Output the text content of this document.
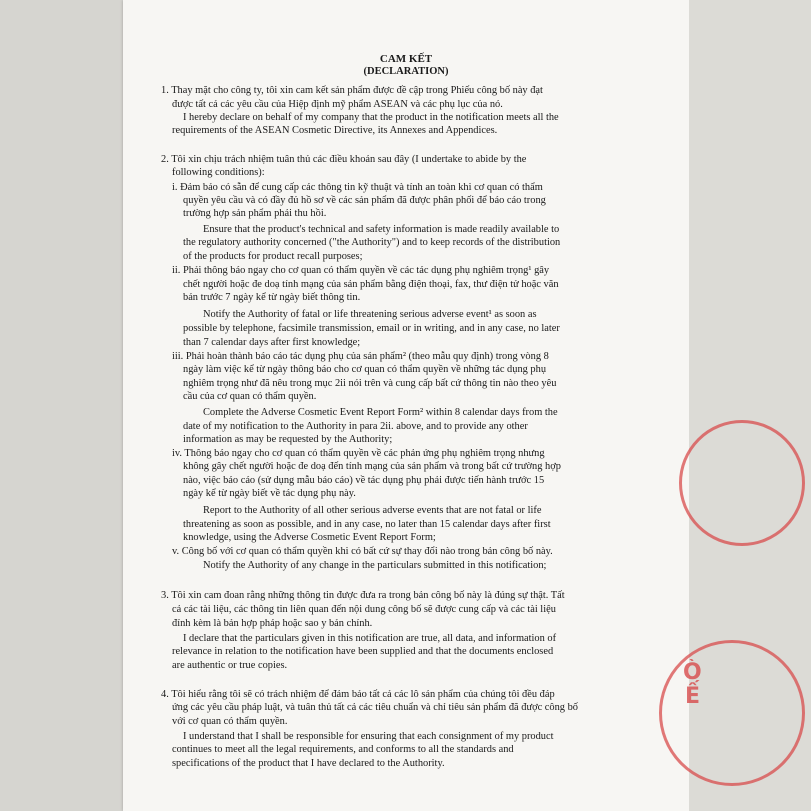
CAM KẾT
(DECLARATION)
1. Thay mặt cho công ty, tôi xin cam kết sản phẩm được đề cập trong Phiếu công bố này đạt
được tất cả các yêu cầu của Hiệp định mỹ phẩm ASEAN và các phụ lục của nó.
I hereby declare on behalf of my company that the product in the notification meets all the
requirements of the ASEAN Cosmetic Directive, its Annexes and Appendices.
2. Tôi xin chịu trách nhiệm tuân thủ các điều khoản sau đây (I undertake to abide by the
following conditions):
i. Đảm bảo có sẵn để cung cấp các thông tin kỹ thuật và tính an toàn khi cơ quan có thẩm
quyền yêu cầu và có đầy đủ hồ sơ về các sản phẩm đã được phân phối để báo cáo trong
trường hợp sản phẩm phải thu hồi.
Ensure that the product's technical and safety information is made readily available to
the regulatory authority concerned ("the Authority") and to keep records of the distribution
of the products for product recall purposes;
ii. Phải thông báo ngay cho cơ quan có thẩm quyền về các tác dụng phụ nghiêm trọng¹ gây
chết người hoặc đe doạ tính mạng của sản phẩm bằng điện thoại, fax, thư điện tử hoặc văn
bản trước 7 ngày kể từ ngày biết thông tin.
Notify the Authority of fatal or life threatening serious adverse event¹ as soon as
possible by telephone, facsimile transmission, email or in writing, and in any case, no later
than 7 calendar days after first knowledge;
iii. Phải hoàn thành báo cáo tác dụng phụ của sản phẩm² (theo mẫu quy định) trong vòng 8
ngày làm việc kể từ ngày thông báo cho cơ quan có thẩm quyền về những tác dụng phụ
nghiêm trọng như đã nêu trong mục 2ii nói trên và cung cấp bất cứ thông tin nào theo yêu
cầu của cơ quan có thẩm quyền.
Complete the Adverse Cosmetic Event Report Form² within 8 calendar days from the
date of my notification to the Authority in para 2ii. above, and to provide any other
information as may be requested by the Authority;
iv. Thông báo ngay cho cơ quan có thẩm quyền về các phản ứng phụ nghiêm trọng nhưng
không gây chết người hoặc đe doạ đến tính mạng của sản phẩm và trong bất cứ trường hợp
nào, việc báo cáo (sử dụng mẫu báo cáo) về tác dụng phụ phải được tiến hành trước 15
ngày kể từ ngày biết về tác dụng phụ này.
Report to the Authority of all other serious adverse events that are not fatal or life
threatening as soon as possible, and in any case, no later than 15 calendar days after first
knowledge, using the Adverse Cosmetic Event Report Form;
v. Công bố với cơ quan có thẩm quyền khi có bất cứ sự thay đổi nào trong bản công bố này.
Notify the Authority of any change in the particulars submitted in this notification;
3. Tôi xin cam đoan rằng những thông tin được đưa ra trong bản công bố này là đúng sự thật. Tất
cả các tài liệu, các thông tin liên quan đến nội dung công bố sẽ được cung cấp và các tài liệu
đính kèm là bản hợp pháp hoặc sao y bản chính.
I declare that the particulars given in this notification are true, all data, and information of
relevance in relation to the notification have been supplied and that the documents enclosed
are authentic or true copies.
4. Tôi hiểu rằng tôi sẽ có trách nhiệm để đảm bảo tất cả các lô sản phẩm của chúng tôi đều đáp
ứng các yêu cầu pháp luật, và tuân thủ tất cả các tiêu chuẩn và chỉ tiêu sản phẩm đã được công bố
với cơ quan có thẩm quyền.
I understand that I shall be responsible for ensuring that each consignment of my product
continues to meet all the legal requirements, and conforms to all the standards and
specifications of the product that I have declared to the Authority.
Ò
Ế
